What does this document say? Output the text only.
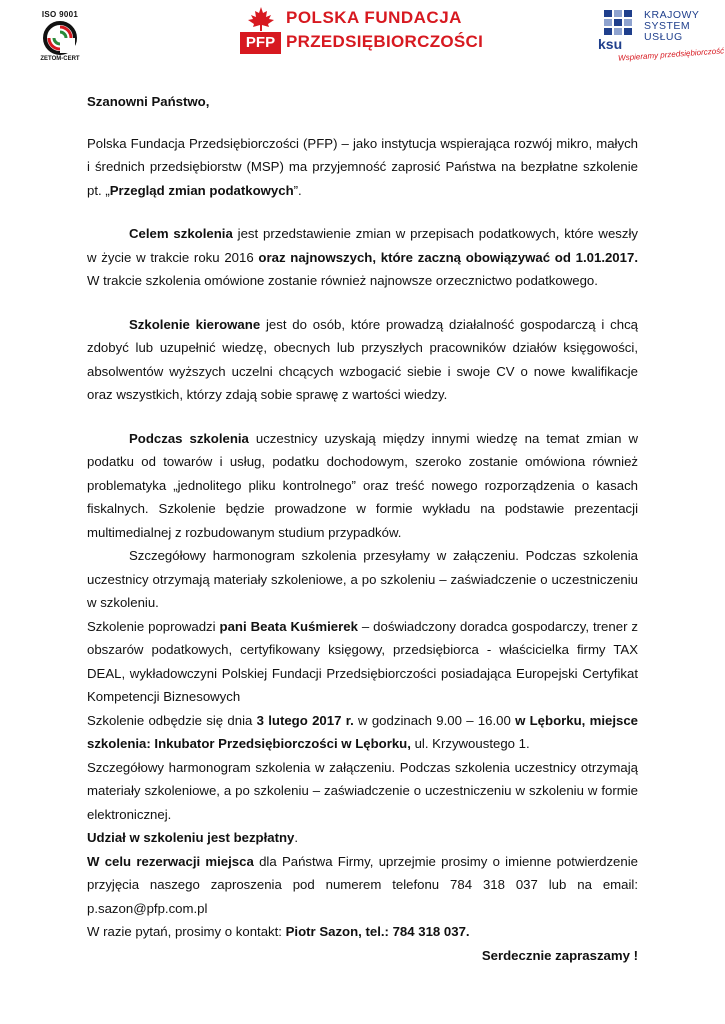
ISO 9001
ZETOM-CERT
POLSKA FUNDACJA
PFP PRZEDSIĘBIORCZOŚCI	ksu
KRAJOWY
SYSTEM
USŁUG
Wspieramy przedsiębiorczość

Szanowni Państwo,

Polska Fundacja Przedsiębiorczości (PFP) – jako instytucja wspierająca rozwój mikro, małych i średnich przedsiębiorstw (MSP) ma przyjemność zaprosić Państwa na bezpłatne szkolenie pt. „Przegląd zmian podatkowych”.

Celem szkolenia jest przedstawienie zmian w przepisach podatkowych, które weszły w życie w trakcie roku 2016 oraz najnowszych, które zaczną obowiązywać od 1.01.2017. W trakcie szkolenia omówione zostanie również najnowsze orzecznictwo podatkowego.

Szkolenie kierowane jest do osób, które prowadzą działalność gospodarczą i chcą zdobyć lub uzupełnić wiedzę, obecnych lub przyszłych pracowników działów księgowości, absolwentów wyższych uczelni chcących wzbogacić siebie i swoje CV o nowe kwalifikacje oraz wszystkich, którzy zdają sobie sprawę z wartości wiedzy.

Podczas szkolenia uczestnicy uzyskają między innymi wiedzę na temat zmian w podatku od towarów i usług, podatku dochodowym, szeroko zostanie omówiona również problematyka „jednolitego pliku kontrolnego” oraz treść nowego rozporządzenia o kasach fiskalnych. Szkolenie będzie prowadzone w formie wykładu na podstawie prezentacji multimedialnej z rozbudowanym studium przypadków.

Szczegółowy harmonogram szkolenia przesyłamy w załączeniu. Podczas szkolenia uczestnicy otrzymają materiały szkoleniowe, a po szkoleniu – zaświadczenie o uczestniczeniu w szkoleniu.

Szkolenie poprowadzi pani Beata Kuśmierek – doświadczony doradca gospodarczy, trener z obszarów podatkowych, certyfikowany księgowy, przedsiębiorca - właścicielka firmy TAX DEAL, wykładowczyni Polskiej Fundacji Przedsiębiorczości posiadająca Europejski Certyfikat Kompetencji Biznesowych

Szkolenie odbędzie się dnia 3 lutego 2017 r. w godzinach 9.00 – 16.00 w Lęborku, miejsce szkolenia: Inkubator Przedsiębiorczości w Lęborku, ul. Krzywoustego 1.

Szczegółowy harmonogram szkolenia w załączeniu. Podczas szkolenia uczestnicy otrzymają materiały szkoleniowe, a po szkoleniu – zaświadczenie o uczestniczeniu w szkoleniu w formie elektronicznej.

Udział w szkoleniu jest bezpłatny.

W celu rezerwacji miejsca dla Państwa Firmy, uprzejmie prosimy o imienne potwierdzenie przyjęcia naszego zaproszenia pod numerem telefonu 784 318 037 lub na email: p.sazon@pfp.com.pl

W razie pytań, prosimy o kontakt: Piotr Sazon, tel.: 784 318 037.

Serdecznie zapraszamy !
